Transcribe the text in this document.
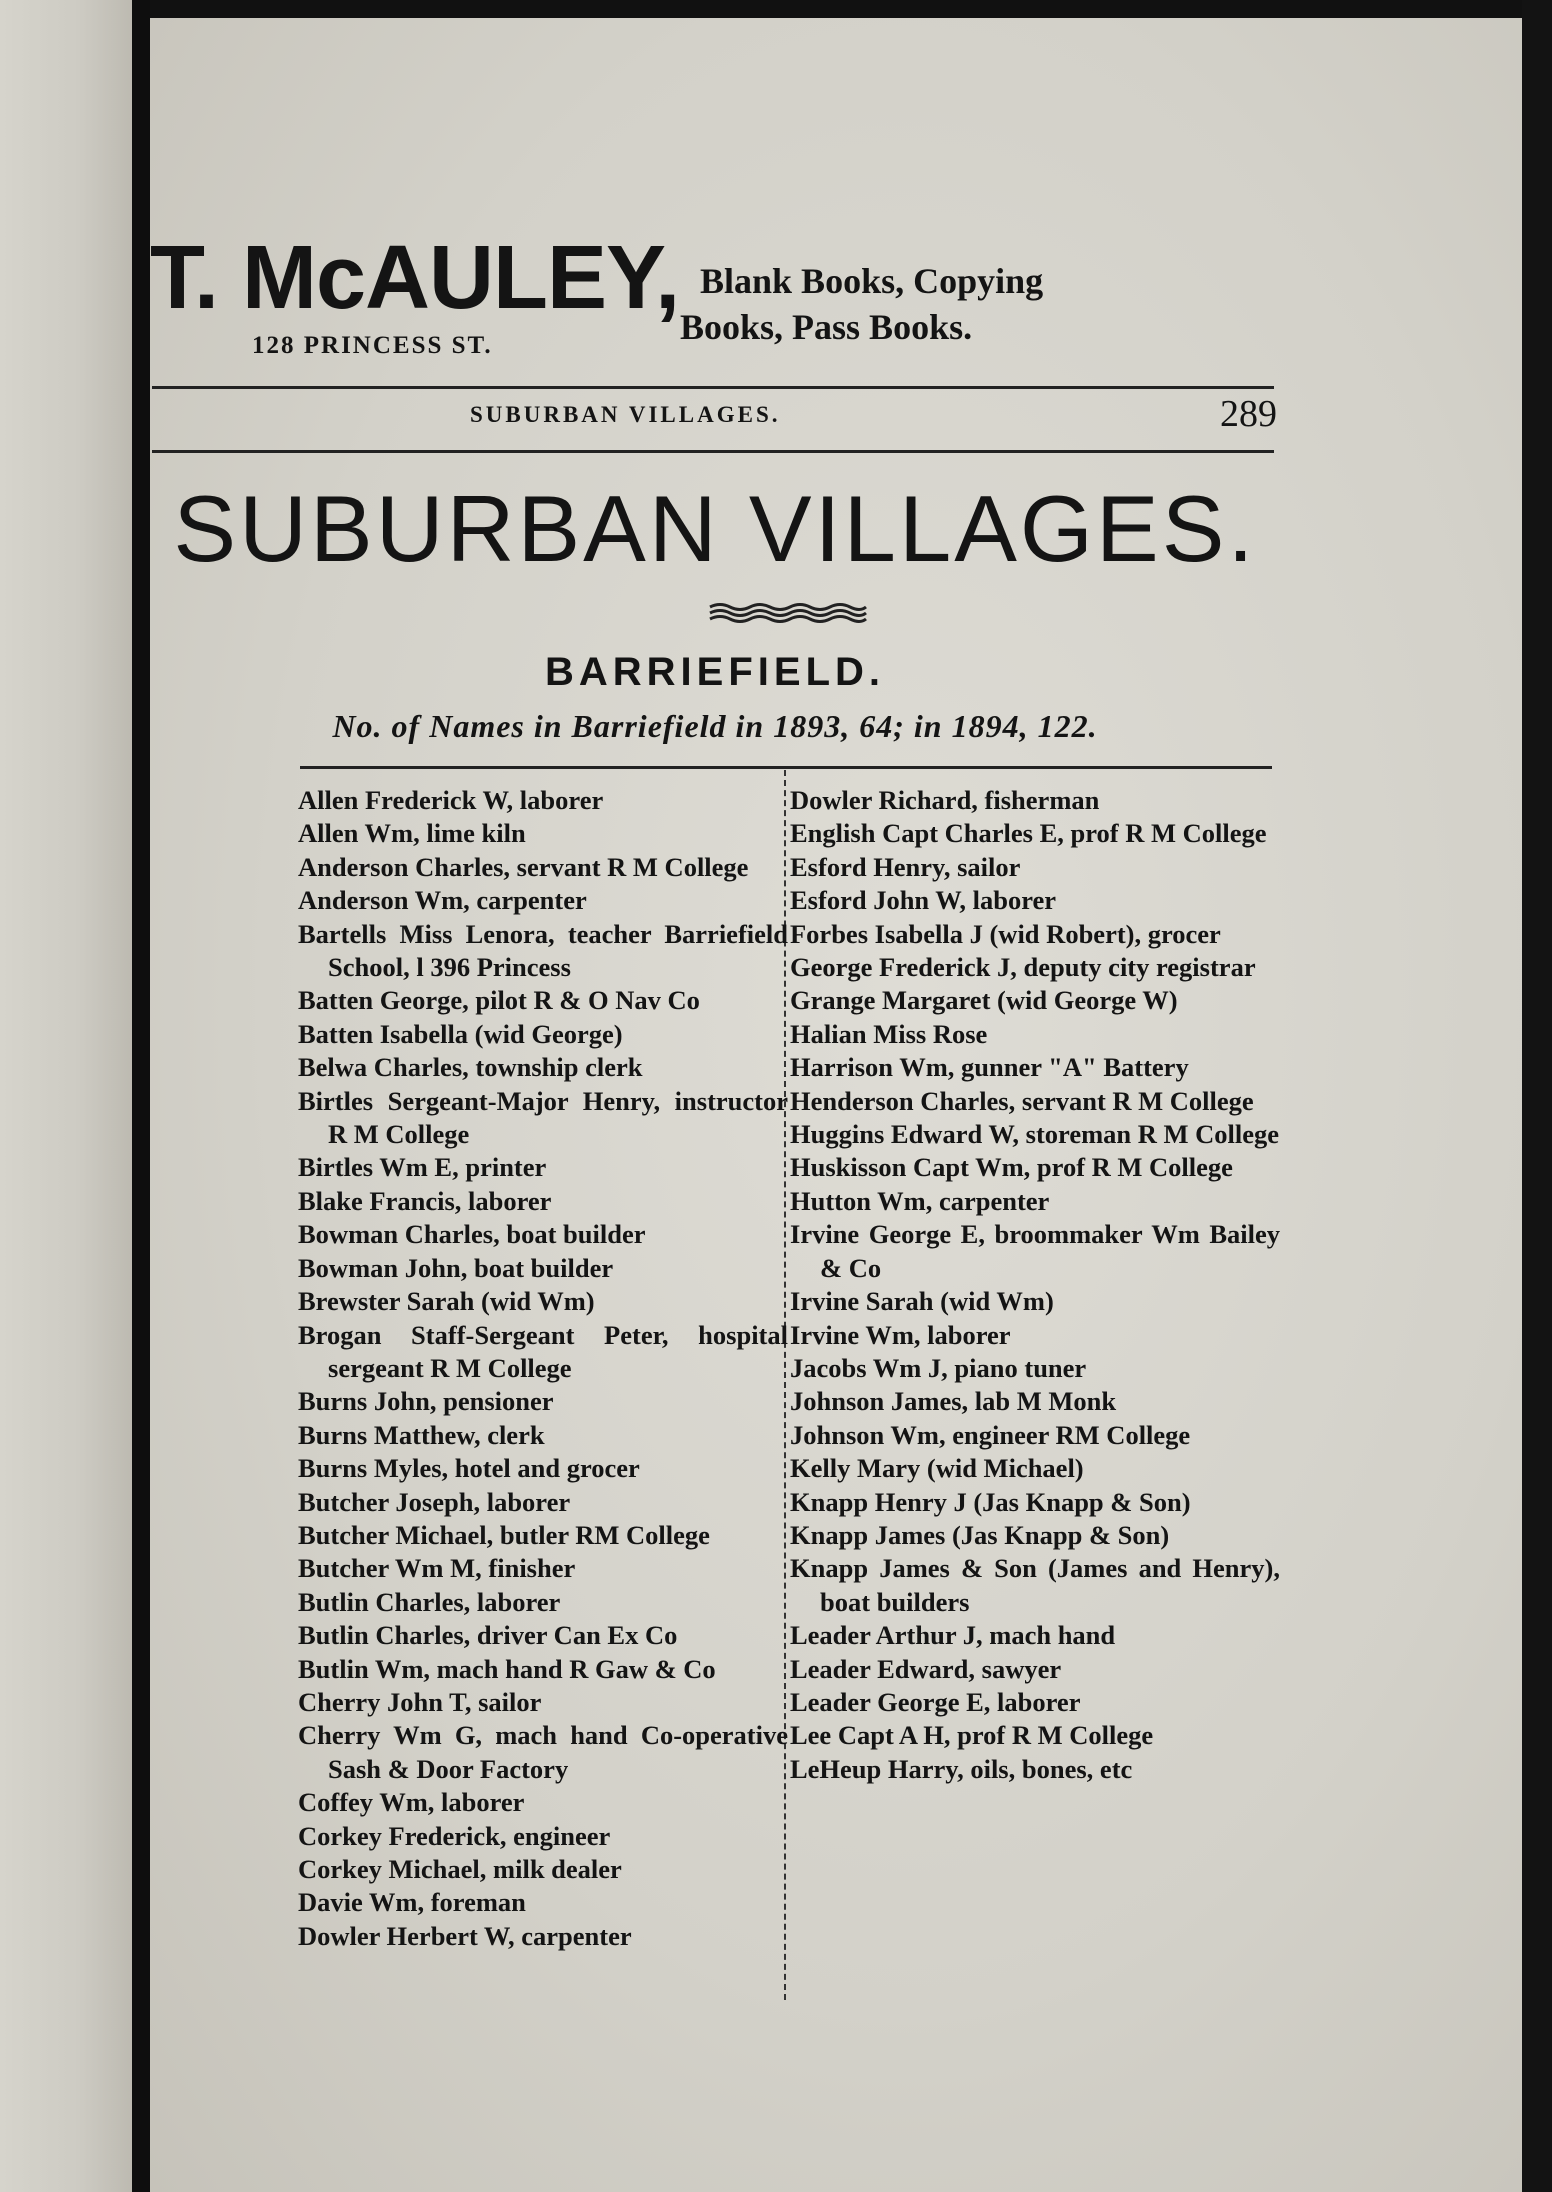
T. McAULEY,
128 PRINCESS ST.
Blank Books, Copying
Books, Pass Books.
SUBURBAN VILLAGES.	289
SUBURBAN VILLAGES.
BARRIEFIELD.
No. of Names in Barriefield in 1893, 64; in 1894, 122.
Allen Frederick W, laborer
Allen Wm, lime kiln
Anderson Charles, servant R M College
Anderson Wm, carpenter
Bartells Miss Lenora, teacher Barriefield School, l 396 Princess
Batten George, pilot R & O Nav Co
Batten Isabella (wid George)
Belwa Charles, township clerk
Birtles Sergeant-Major Henry, instructor R M College
Birtles Wm E, printer
Blake Francis, laborer
Bowman Charles, boat builder
Bowman John, boat builder
Brewster Sarah (wid Wm)
Brogan Staff-Sergeant Peter, hospital sergeant R M College
Burns John, pensioner
Burns Matthew, clerk
Burns Myles, hotel and grocer
Butcher Joseph, laborer
Butcher Michael, butler RM College
Butcher Wm M, finisher
Butlin Charles, laborer
Butlin Charles, driver Can Ex Co
Butlin Wm, mach hand R Gaw & Co
Cherry John T, sailor
Cherry Wm G, mach hand Co-operative Sash & Door Factory
Coffey Wm, laborer
Corkey Frederick, engineer
Corkey Michael, milk dealer
Davie Wm, foreman
Dowler Herbert W, carpenter
Dowler Richard, fisherman
English Capt Charles E, prof R M College
Esford Henry, sailor
Esford John W, laborer
Forbes Isabella J (wid Robert), grocer
George Frederick J, deputy city registrar
Grange Margaret (wid George W)
Halian Miss Rose
Harrison Wm, gunner "A" Battery
Henderson Charles, servant R M College
Huggins Edward W, storeman R M College
Huskisson Capt Wm, prof R M College
Hutton Wm, carpenter
Irvine George E, broommaker Wm Bailey & Co
Irvine Sarah (wid Wm)
Irvine Wm, laborer
Jacobs Wm J, piano tuner
Johnson James, lab M Monk
Johnson Wm, engineer RM College
Kelly Mary (wid Michael)
Knapp Henry J (Jas Knapp & Son)
Knapp James (Jas Knapp & Son)
Knapp James & Son (James and Henry), boat builders
Leader Arthur J, mach hand
Leader Edward, sawyer
Leader George E, laborer
Lee Capt A H, prof R M College
LeHeup Harry, oils, bones, etc
